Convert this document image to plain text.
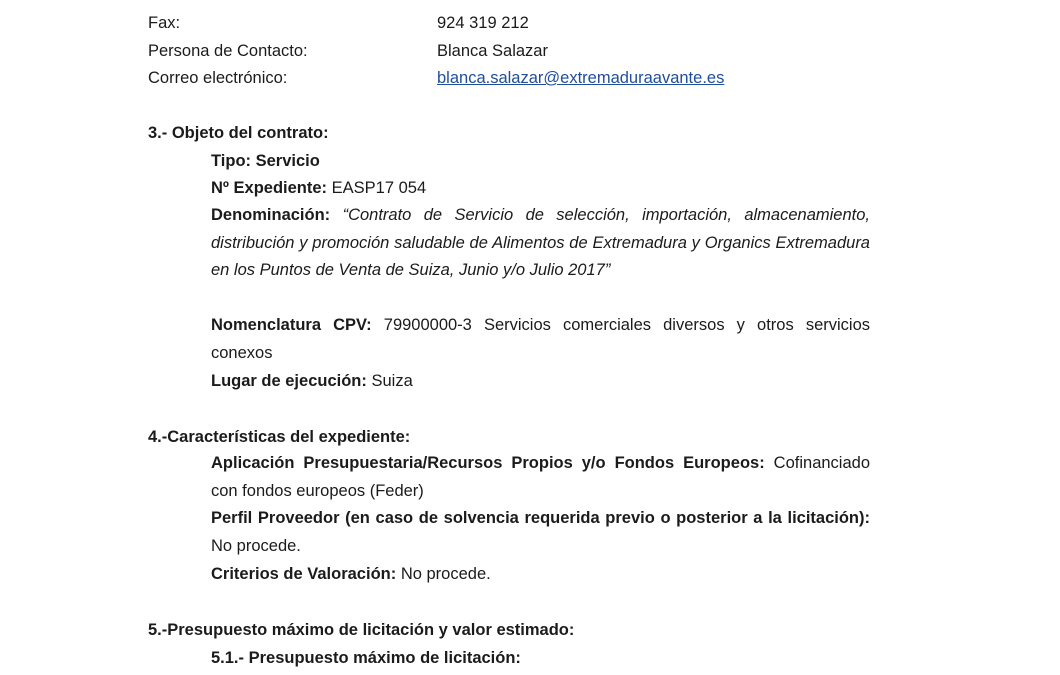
Fax:	924 319 212
Persona de Contacto:	Blanca Salazar
Correo electrónico:	blanca.salazar@extremaduraavante.es
3.- Objeto del contrato:
Tipo: Servicio
Nº Expediente: EASP17 054
Denominación: “Contrato de Servicio de selección, importación, almacenamiento, distribución y promoción saludable de Alimentos de Extremadura y Organics Extremadura en los Puntos de Venta de Suiza, Junio y/o Julio 2017”
Nomenclatura CPV: 79900000-3 Servicios comerciales diversos y otros servicios conexos
Lugar de ejecución: Suiza
4.-Características del expediente:
Aplicación Presupuestaria/Recursos Propios y/o Fondos Europeos: Cofinanciado con fondos europeos (Feder)
Perfil Proveedor (en caso de solvencia requerida previo o posterior a la licitación): No procede.
Criterios de Valoración: No procede.
5.-Presupuesto máximo de licitación y valor estimado:
5.1.- Presupuesto máximo de licitación:
